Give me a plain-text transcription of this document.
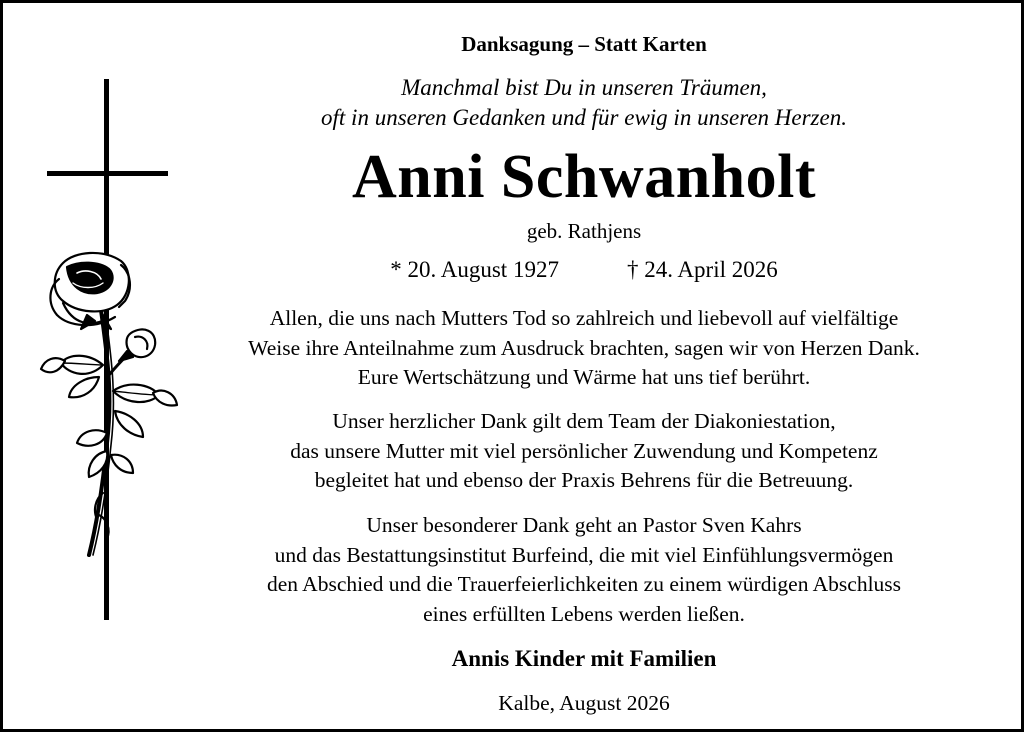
Danksagung – Statt Karten
Manchmal bist Du in unseren Träumen,
oft in unseren Gedanken und für ewig in unseren Herzen.
Anni Schwanholt
geb. Rathjens
* 20. August 1927	† 24. April 2026
Allen, die uns nach Mutters Tod so zahlreich und liebevoll auf vielfältige
Weise ihre Anteilnahme zum Ausdruck brachten, sagen wir von Herzen Dank.
Eure Wertschätzung und Wärme hat uns tief berührt.
Unser herzlicher Dank gilt dem Team der Diakoniestation,
das unsere Mutter mit viel persönlicher Zuwendung und Kompetenz
begleitet hat und ebenso der Praxis Behrens für die Betreuung.
Unser besonderer Dank geht an Pastor Sven Kahrs
und das Bestattungsinstitut Burfeind, die mit viel Einfühlungsvermögen
den Abschied und die Trauerfeierlichkeiten zu einem würdigen Abschluss
eines erfüllten Lebens werden ließen.
Annis Kinder mit Familien
Kalbe, August 2026
